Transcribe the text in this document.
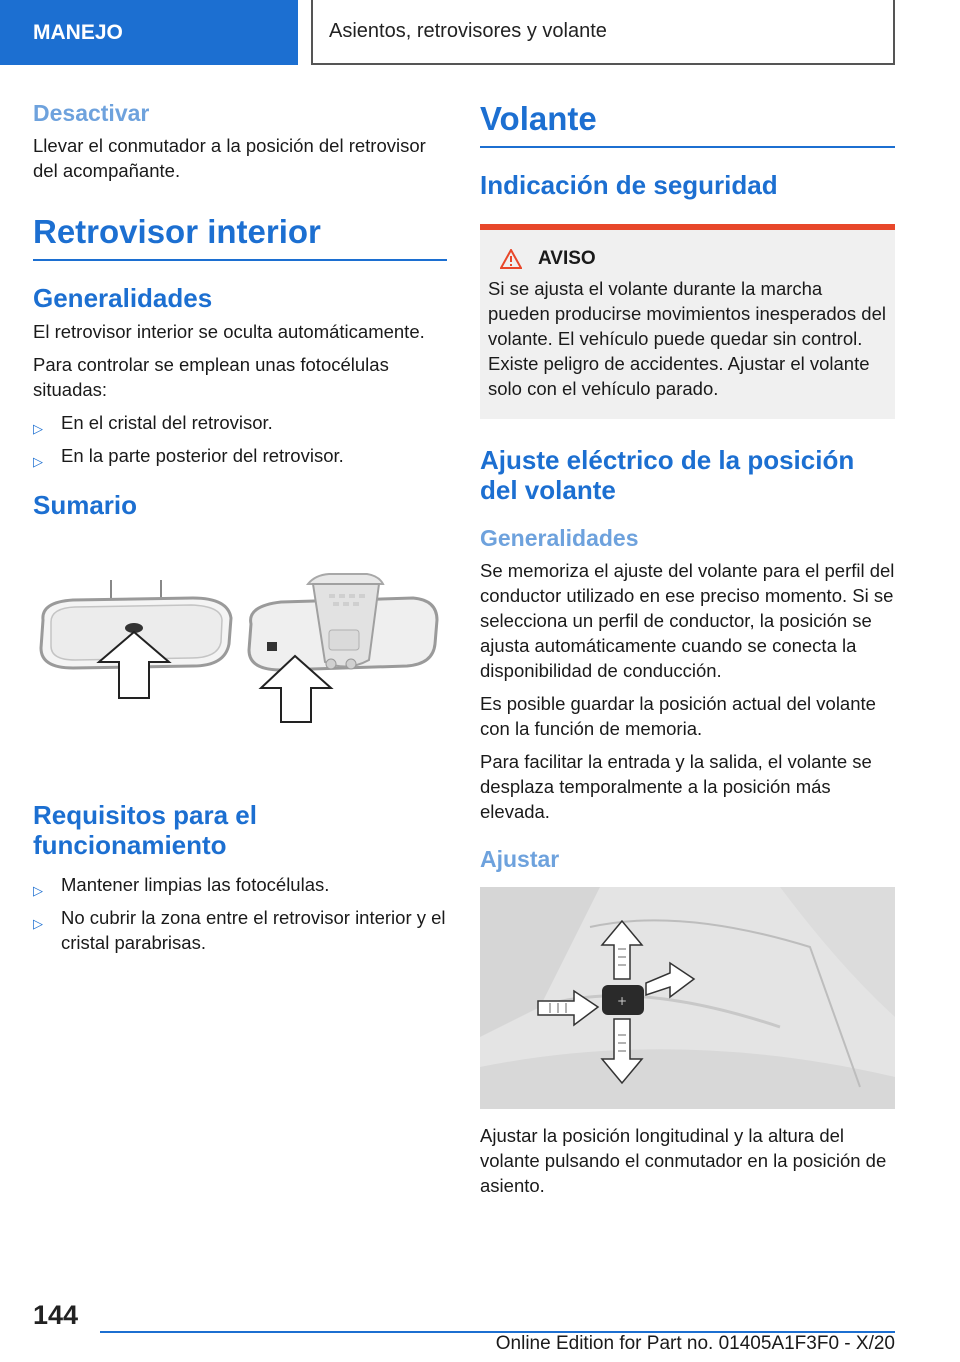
MANEJO	Asientos, retrovisores y volante
Desactivar

Llevar el conmutador a la posición del retrovisor del acompañante.

Retrovisor interior
Generalidades

El retrovisor interior se oculta automáticamente.

Para controlar se emplean unas fotocélulas situadas:

▷ En el cristal del retrovisor.
▷ En la parte posterior del retrovisor.
Sumario
Requisitos para el funcionamiento
▷ Mantener limpias las fotocélulas.
▷ No cubrir la zona entre el retrovisor interior y el cristal parabrisas.
Volante
Indicación de seguridad
AVISO

Si se ajusta el volante durante la marcha pueden producirse movimientos inesperados del volante. El vehículo puede quedar sin control. Existe peligro de accidentes. Ajustar el volante solo con el vehículo parado.

Ajuste eléctrico de la posición del volante
Generalidades

Se memoriza el ajuste del volante para el perfil del conductor utilizado en ese preciso momento. Si se selecciona un perfil de conductor, la posición se ajusta automáticamente cuando se conecta la disponibilidad de conducción.

Es posible guardar la posición actual del volante con la función de memoria.

Para facilitar la entrada y la salida, el volante se desplaza temporalmente a la posición más elevada.

Ajustar
+

Ajustar la posición longitudinal y la altura del volante pulsando el conmutador en la posición de asiento.

144
Online Edition for Part no. 01405A1F3F0 - X/20
